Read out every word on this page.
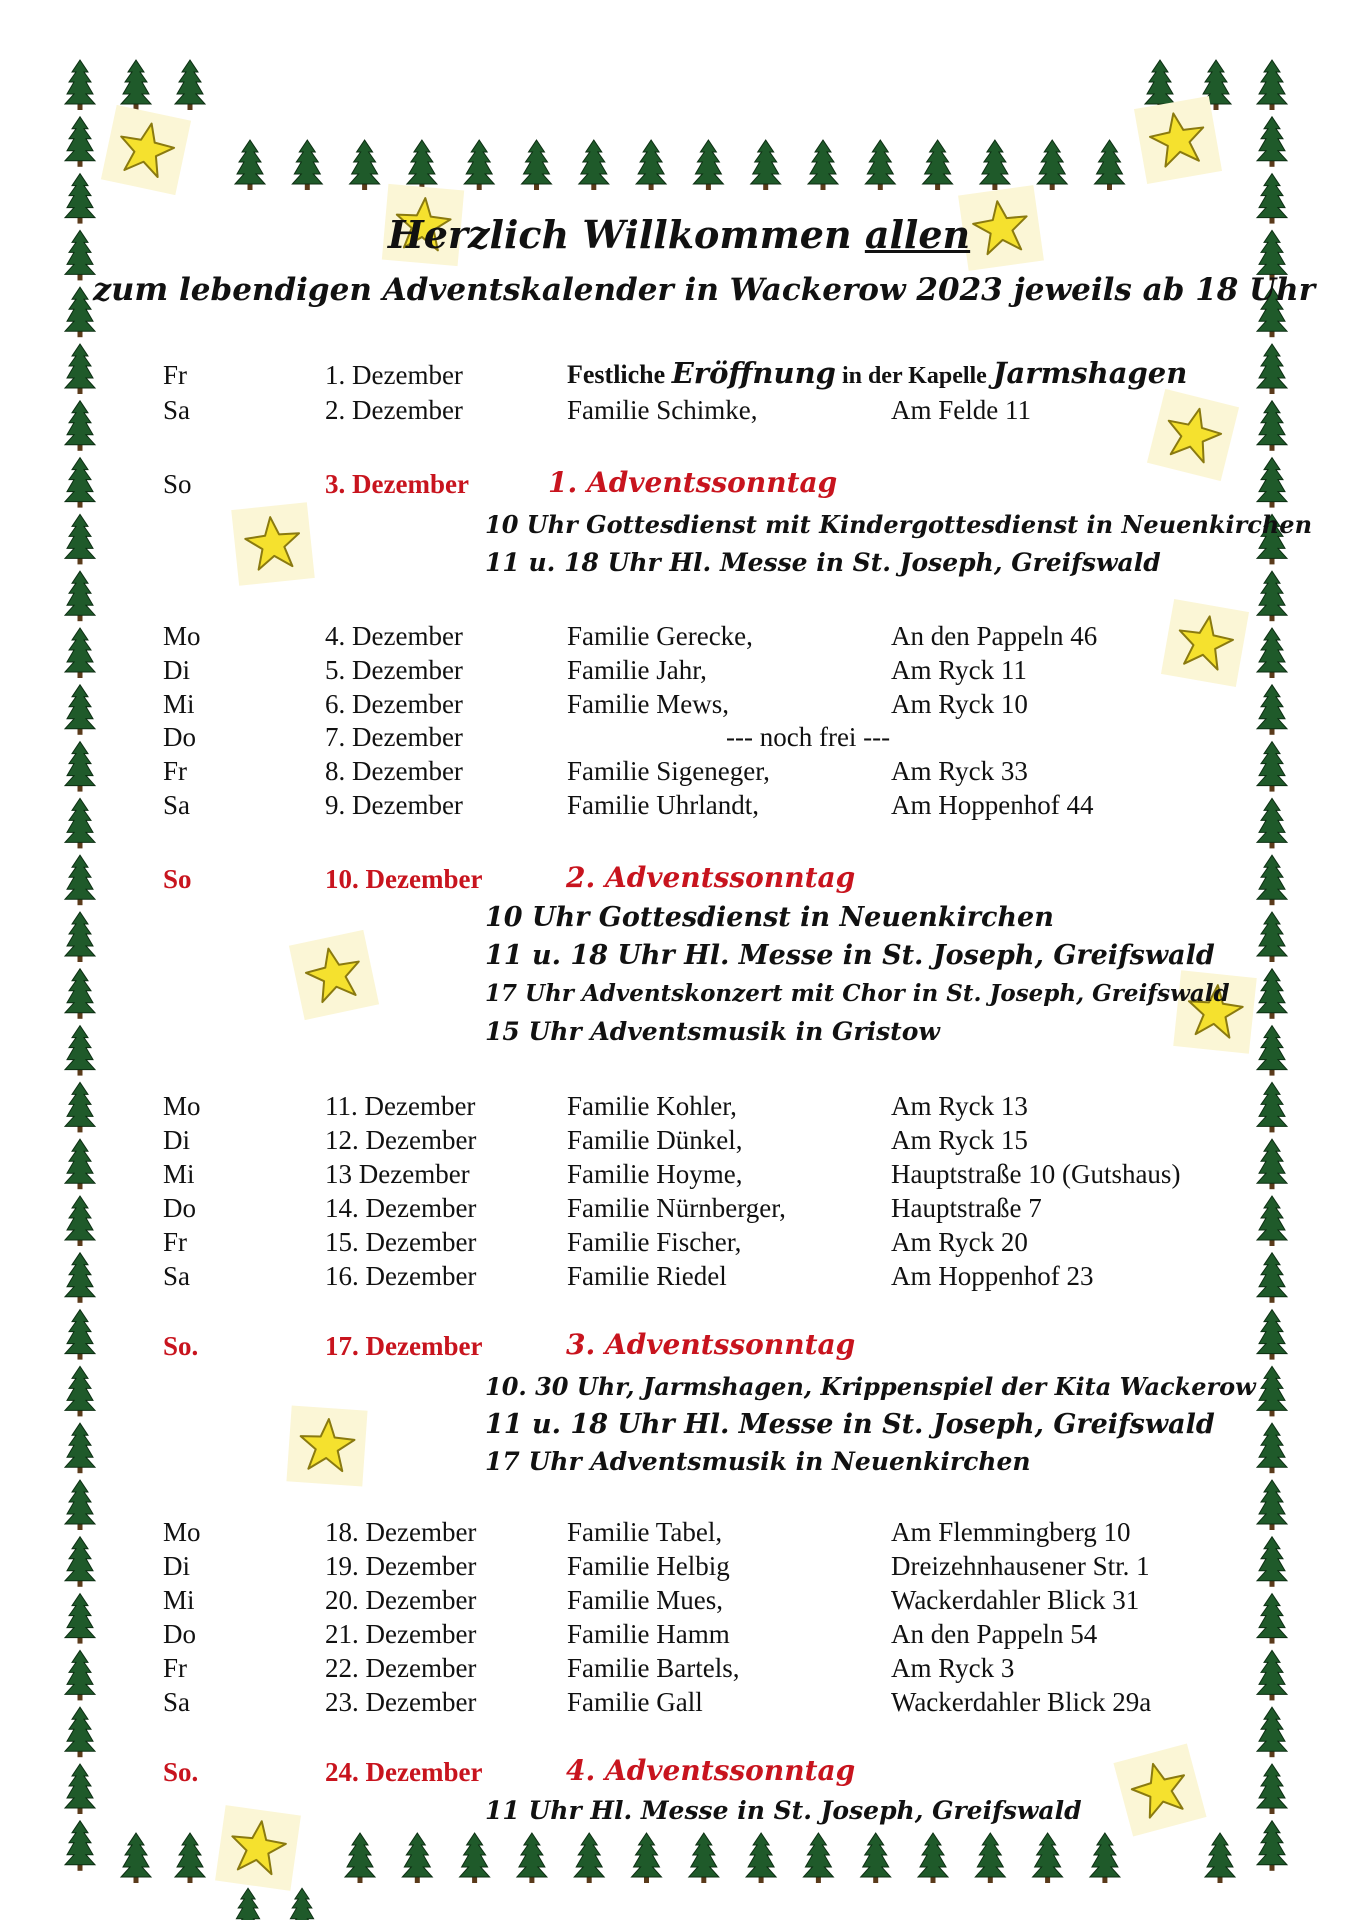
Herzlich Willkommen allen
zum lebendigen Adventskalender in Wackerow 2023 jeweils ab 18 Uhr
Fr	1. Dezember	Festliche Eröffnung in der Kapelle Jarmshagen
Sa	2. Dezember	Familie Schimke,	Am Felde 11
So	3. Dezember	1. Adventssonntag
10 Uhr Gottesdienst mit Kindergottesdienst in Neuenkirchen
11 u. 18 Uhr Hl. Messe in St. Joseph, Greifswald
Mo	4. Dezember	Familie Gerecke,	An den Pappeln 46
Di	5. Dezember	Familie Jahr,	Am Ryck 11
Mi	6. Dezember	Familie Mews,	Am Ryck 10
Do	7. Dezember	--- noch frei ---
Fr	8. Dezember	Familie Sigeneger,	Am Ryck 33
Sa	9. Dezember	Familie Uhrlandt,	Am Hoppenhof 44
So	10. Dezember	2. Adventssonntag
10 Uhr Gottesdienst in Neuenkirchen
11 u. 18 Uhr Hl. Messe in St. Joseph, Greifswald
17 Uhr Adventskonzert mit Chor in St. Joseph, Greifswald
15 Uhr Adventsmusik in Gristow
Mo	11. Dezember	Familie Kohler,	Am Ryck 13
Di	12. Dezember	Familie Dünkel,	Am Ryck 15
Mi	13 Dezember	Familie Hoyme,	Hauptstraße 10 (Gutshaus)
Do	14. Dezember	Familie Nürnberger,	Hauptstraße 7
Fr	15. Dezember	Familie Fischer,	Am Ryck 20
Sa	16. Dezember	Familie Riedel	Am Hoppenhof 23
So.	17. Dezember	3. Adventssonntag
10. 30 Uhr, Jarmshagen, Krippenspiel der Kita Wackerow
11 u. 18 Uhr Hl. Messe in St. Joseph, Greifswald
17 Uhr Adventsmusik in Neuenkirchen
Mo	18. Dezember	Familie Tabel,	Am Flemmingberg 10
Di	19. Dezember	Familie Helbig	Dreizehnhausener Str. 1
Mi	20. Dezember	Familie Mues,	Wackerdahler Blick 31
Do	21. Dezember	Familie Hamm	An den Pappeln 54
Fr	22. Dezember	Familie Bartels,	Am Ryck 3
Sa	23. Dezember	Familie Gall	Wackerdahler Blick 29a
So.	24. Dezember	4. Adventssonntag
11 Uhr Hl. Messe in St. Joseph, Greifswald
